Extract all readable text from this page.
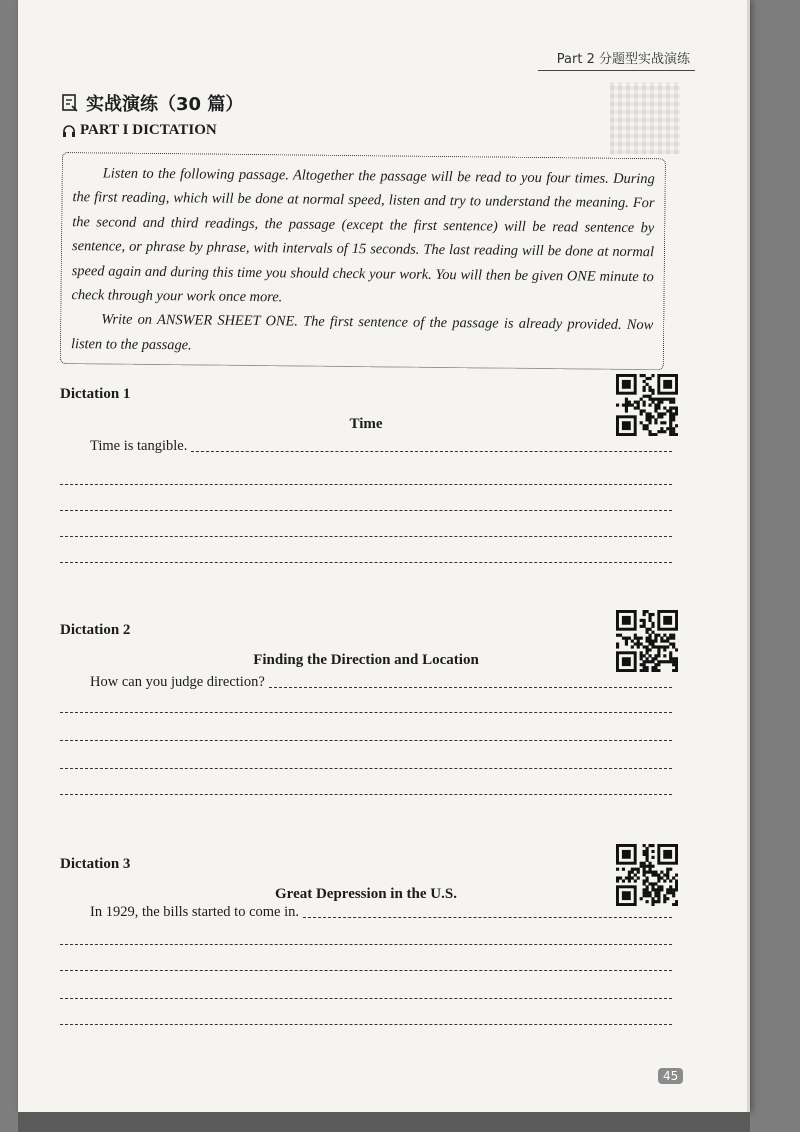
Part 2 分题型实战演练
实战演练（30 篇）
PART I DICTATION

Listen to the following passage. Altogether the passage will be read to you four times. During the first reading, which will be done at normal speed, listen and try to understand the meaning. For the second and third readings, the passage (except the first sentence) will be read sentence by sentence, or phrase by phrase, with intervals of 15 seconds. The last reading will be done at normal speed again and during this time you should check your work. You will then be given ONE minute to check through your work once more.

Write on ANSWER SHEET ONE. The first sentence of the passage is already provided. Now listen to the passage.

Dictation 1
Time
Time is tangible.
Dictation 2
Finding the Direction and Location
How can you judge direction?
Dictation 3
Great Depression in the U.S.
In 1929, the bills started to come in.
45
